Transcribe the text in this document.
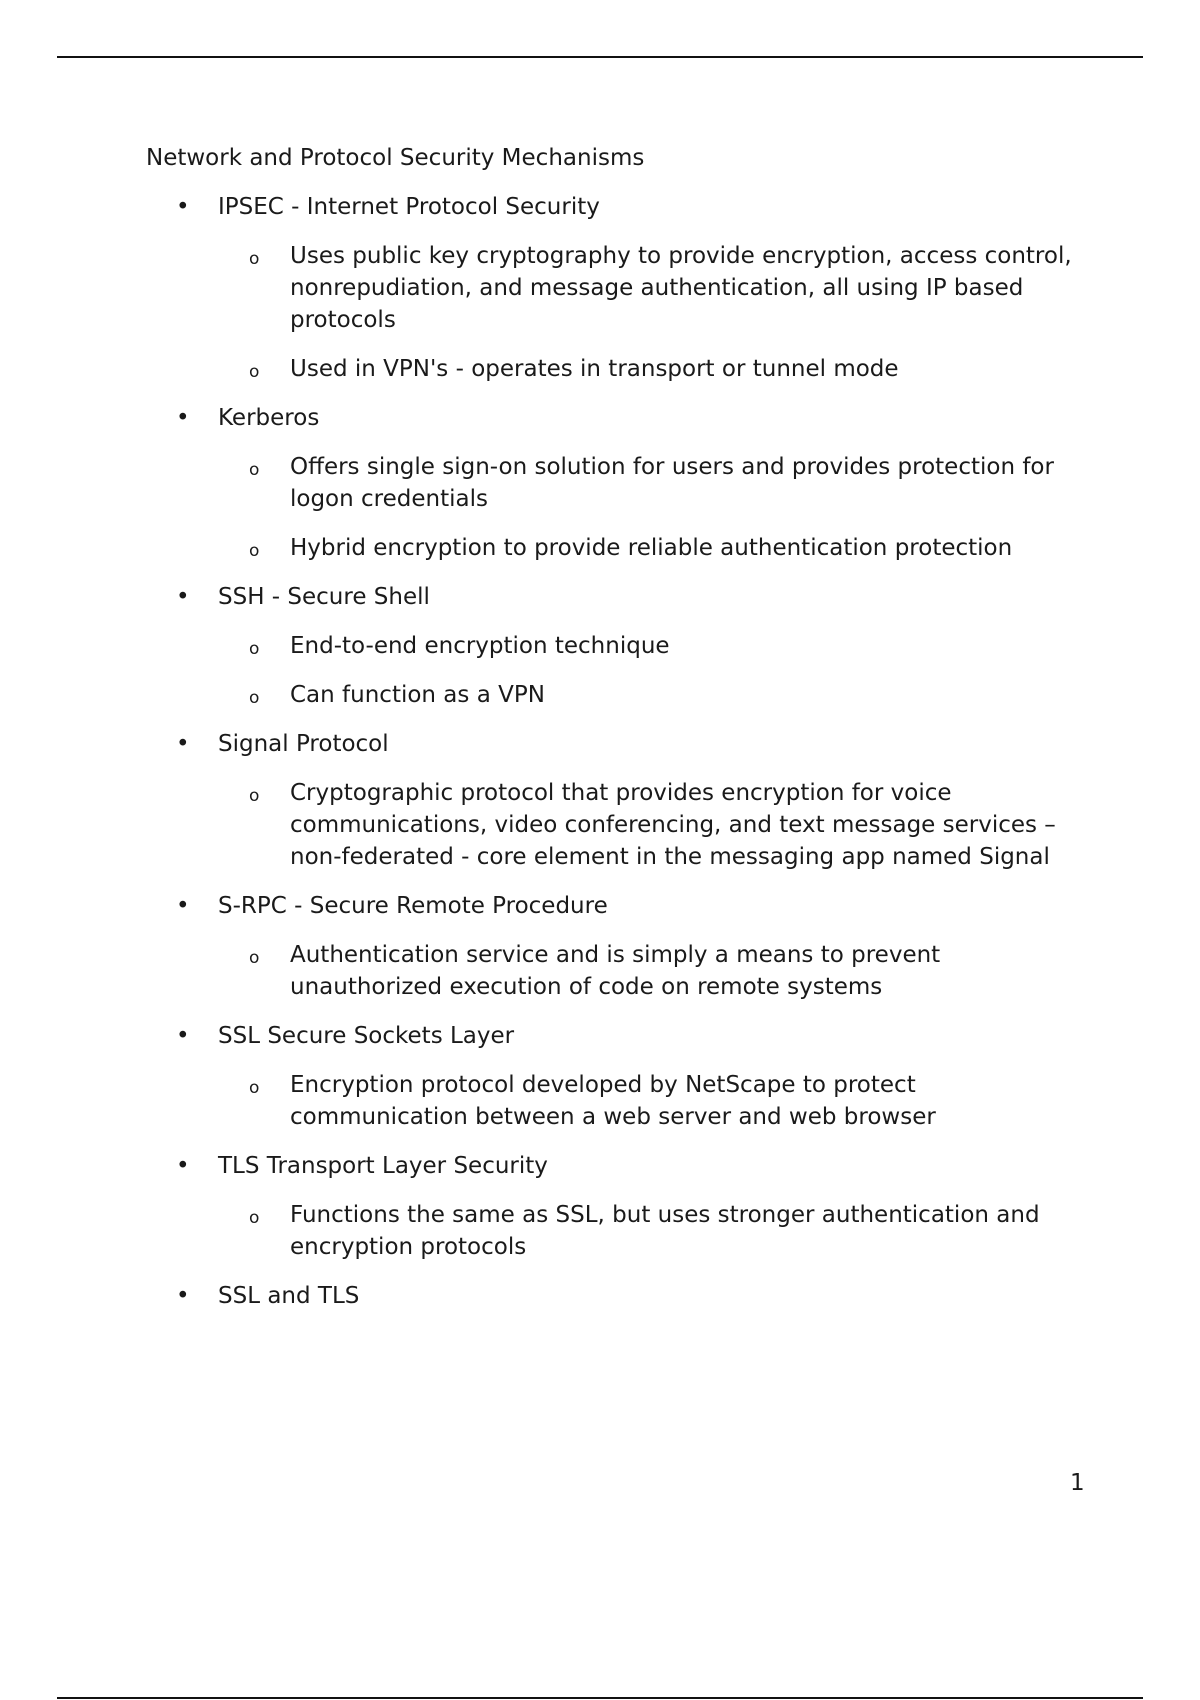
Network and Protocol Security Mechanisms

• IPSEC - Internet Protocol Security
o Uses public key cryptography to provide encryption, access control, nonrepudiation, and message authentication, all using IP based protocols
o Used in VPN's - operates in transport or tunnel mode
• Kerberos
o Offers single sign-on solution for users and provides protection for logon credentials
o Hybrid encryption to provide reliable authentication protection
• SSH - Secure Shell
o End-to-end encryption technique
o Can function as a VPN
• Signal Protocol
o Cryptographic protocol that provides encryption for voice communications, video conferencing, and text message services – non-federated - core element in the messaging app named Signal
• S-RPC - Secure Remote Procedure
o Authentication service and is simply a means to prevent unauthorized execution of code on remote systems
• SSL Secure Sockets Layer
o Encryption protocol developed by NetScape to protect communication between a web server and web browser
• TLS Transport Layer Security
o Functions the same as SSL, but uses stronger authentication and encryption protocols
• SSL and TLS
1
